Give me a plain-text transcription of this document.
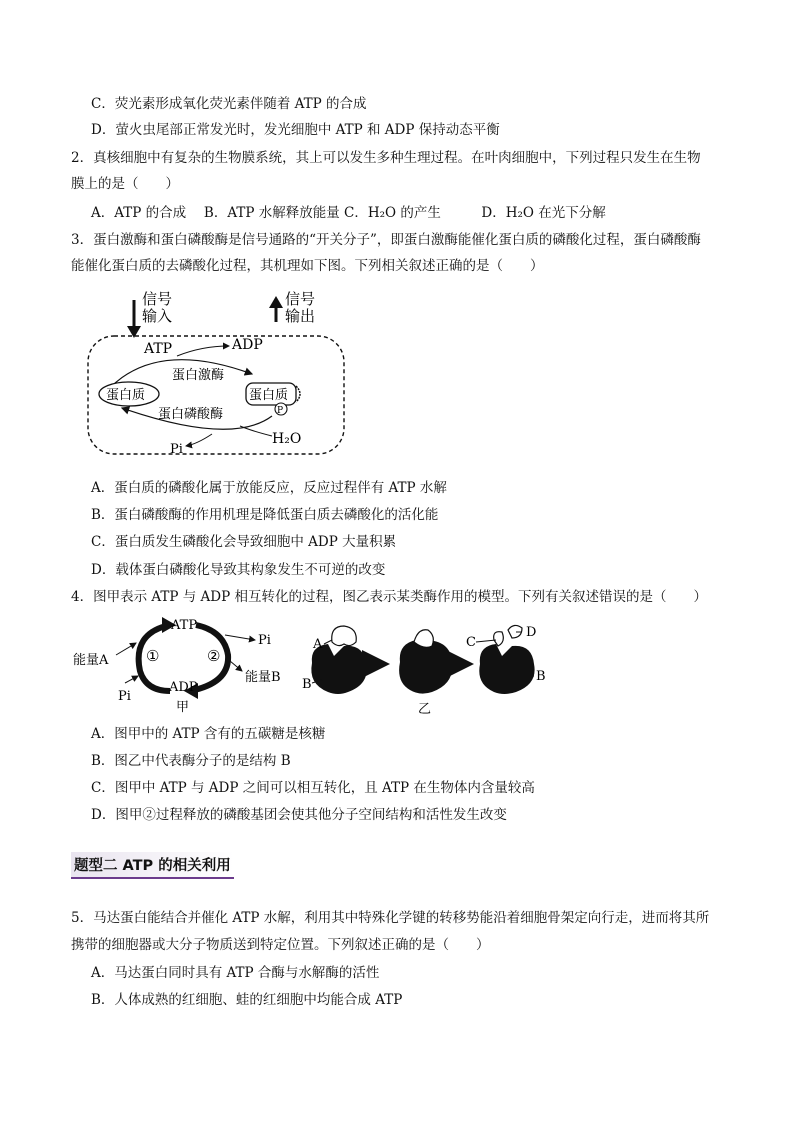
C．荧光素形成氧化荧光素伴随着 ATP 的合成
D．萤火虫尾部正常发光时，发光细胞中 ATP 和 ADP 保持动态平衡
2．真核细胞中有复杂的生物膜系统，其上可以发生多种生理过程。在叶肉细胞中，下列过程只发生在生物
膜上的是（　　）
A．ATP 的合成　 B．ATP 水解释放能量 C．H₂O 的产生　　　D．H₂O 在光下分解
3．蛋白激酶和蛋白磷酸酶是信号通路的“开关分子”，即蛋白激酶能催化蛋白质的磷酸化过程，蛋白磷酸酶
能催化蛋白质的去磷酸化过程，其机理如下图。下列相关叙述正确的是（　　）
信号
输入
信号
输出
ATP	ADP
蛋白激酶
蛋白质	蛋白质
P
蛋白磷酸酶
Pi
H₂O
A．蛋白质的磷酸化属于放能反应，反应过程伴有 ATP 水解
B．蛋白磷酸酶的作用机理是降低蛋白质去磷酸化的活化能
C．蛋白质发生磷酸化会导致细胞中 ADP 大量积累
D．载体蛋白磷酸化导致其构象发生不可逆的改变
4．图甲表示 ATP 与 ADP 相互转化的过程，图乙表示某类酶作用的模型。下列有关叙述错误的是（　　）
ATP
ADP
①	②
能量A
Pi
Pi
能量B
甲
A
B
C
D
B
乙
A．图甲中的 ATP 含有的五碳糖是核糖
B．图乙中代表酶分子的是结构 B
C．图甲中 ATP 与 ADP 之间可以相互转化，且 ATP 在生物体内含量较高
D．图甲②过程释放的磷酸基团会使其他分子空间结构和活性发生改变
题型二 ATP 的相关利用
5．马达蛋白能结合并催化 ATP 水解，利用其中特殊化学键的转移势能沿着细胞骨架定向行走，进而将其所
携带的细胞器或大分子物质送到特定位置。下列叙述正确的是（　　）
A．马达蛋白同时具有 ATP 合酶与水解酶的活性
B．人体成熟的红细胞、蛙的红细胞中均能合成 ATP
